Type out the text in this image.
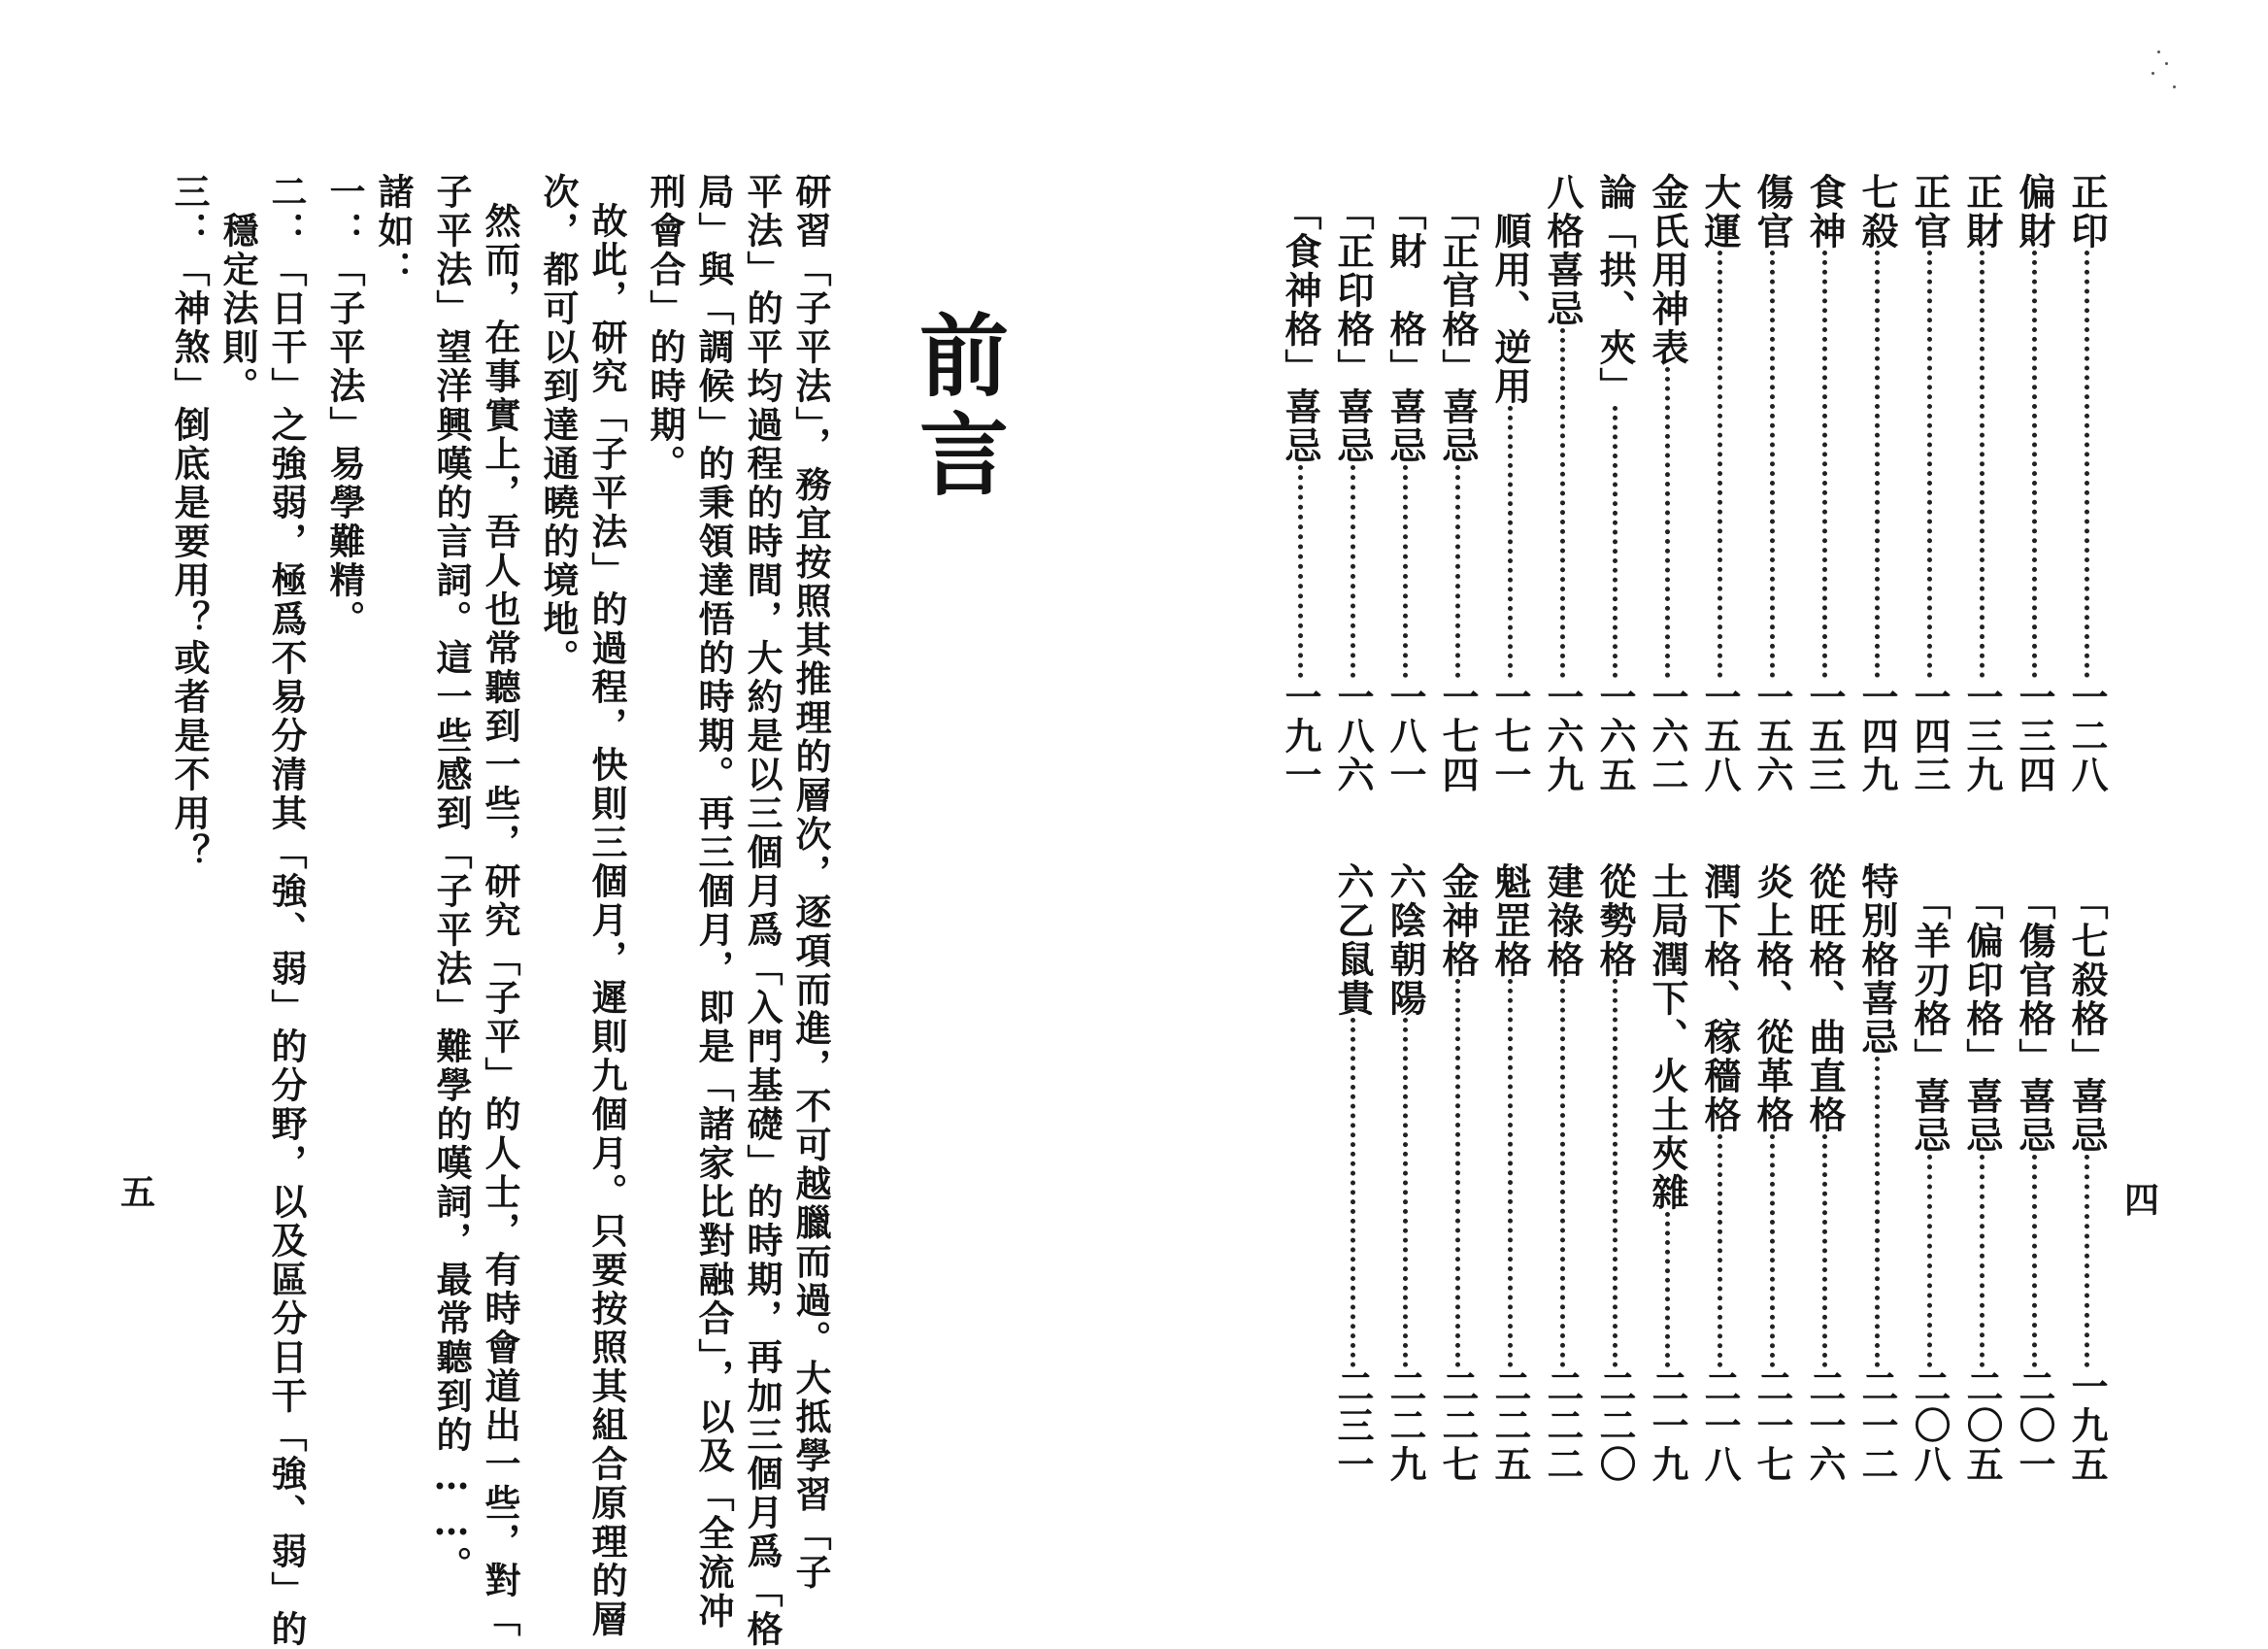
正印
一二八
偏財
一三四
正財
一三九
正官
一四三
七殺
一四九
食神
一五三
傷官
一五六
大運
一五八
金氏用神表
一六二
論「拱、夾」
一六五
八格喜忌
一六九
　順用、逆用
一七一
　「正官格」喜忌
一七四
　「財　格」喜忌
一八一
　「正印格」喜忌
一八六
　「食神格」喜忌
一九一
　「七殺格」喜忌
一九五
　「傷官格」喜忌
二〇一
　「偏印格」喜忌
二〇五
　「羊刃格」喜忌
二〇八
特別格喜忌
二一二
從旺格、曲直格
二一六
炎上格、從革格
二一七
潤下格、稼穡格
二一八
土局潤下、火土夾雜
二一九
從勢格
二二〇
建祿格
二二二
魁罡格
二二五
金神格
二二七
六陰朝陽
二二九
六乙鼠貴
二三一
四
前言
研習「子平法」，務宜按照其推理的層次，逐項而進，不可越臘而過。大抵學習「子
平法」的平均過程的時間，大約是以三個月爲「入門基礎」的時期，再加三個月爲「格
局」與「調候」的秉領達悟的時期。再三個月，即是「諸家比對融合」，以及「全流冲
刑會合」的時期。
故此，研究「子平法」的過程，快則三個月，遲則九個月。只要按照其組合原理的層
次，都可以到達通曉的境地。
然而，在事實上，吾人也常聽到一些，研究「子平」的人士，有時會道出一些，對「
子平法」望洋興嘆的言詞。這一些感到「子平法」難學的嘆詞，最常聽到的……。
諸如：
一：「子平法」易學難精。
二：「日干」之強弱，極爲不易分清其「強、弱」的分野，以及區分日干「強、弱」的
穩定法則。
三：「神煞」倒底是要用？或者是不用？
五
